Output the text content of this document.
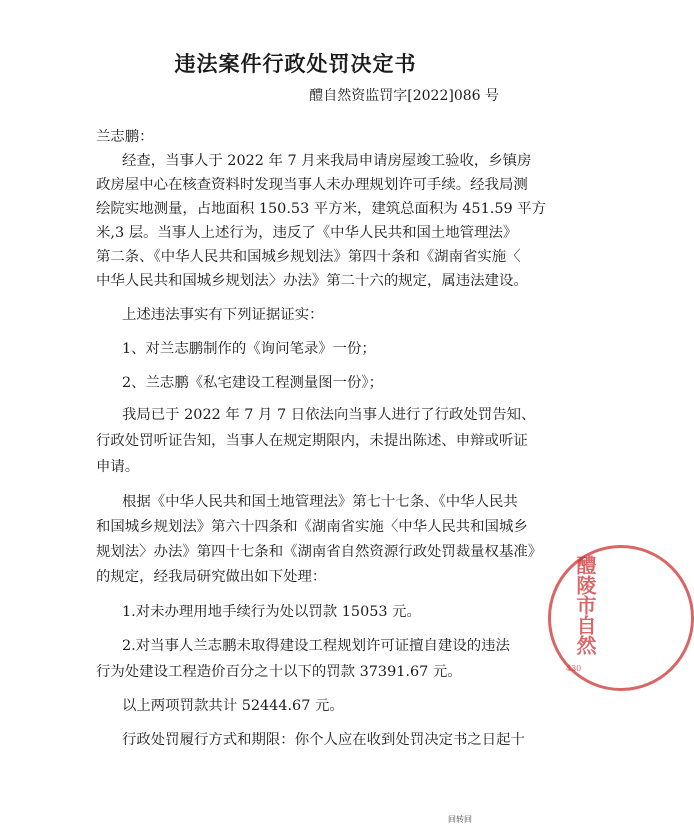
违法案件行政处罚决定书
醴自然资监罚字[2022]086 号
兰志鹏：
经查，当事人于 2022 年 7 月来我局申请房屋竣工验收，乡镇房
政房屋中心在核查资料时发现当事人未办理规划许可手续。经我局测
绘院实地测量，占地面积 150.53 平方米，建筑总面积为 451.59 平方
米,3 层。当事人上述行为，违反了《中华人民共和国土地管理法》
第二条、《中华人民共和国城乡规划法》第四十条和《湖南省实施〈
中华人民共和国城乡规划法〉办法》第二十六的规定，属违法建设。
上述违法事实有下列证据证实：
1、对兰志鹏制作的《询问笔录》一份；
2、兰志鹏《私宅建设工程测量图一份》；
我局已于 2022 年 7 月 7 日依法向当事人进行了行政处罚告知、
行政处罚听证告知，当事人在规定期限内，未提出陈述、申辩或听证
申请。
根据《中华人民共和国土地管理法》第七十七条、《中华人民共
和国城乡规划法》第六十四条和《湖南省实施〈中华人民共和国城乡
规划法〉办法》第四十七条和《湖南省自然资源行政处罚裁量权基准》
的规定，经我局研究做出如下处理：
1.对未办理用地手续行为处以罚款 15053 元。
2.对当事人兰志鹏未取得建设工程规划许可证擅自建设的违法
行为处建设工程造价百分之十以下的罚款 37391.67 元。
以上两项罚款共计 52444.67 元。
行政处罚履行方式和期限：你个人应在收到处罚决定书之日起十
醴陵市自然
430
回转回
